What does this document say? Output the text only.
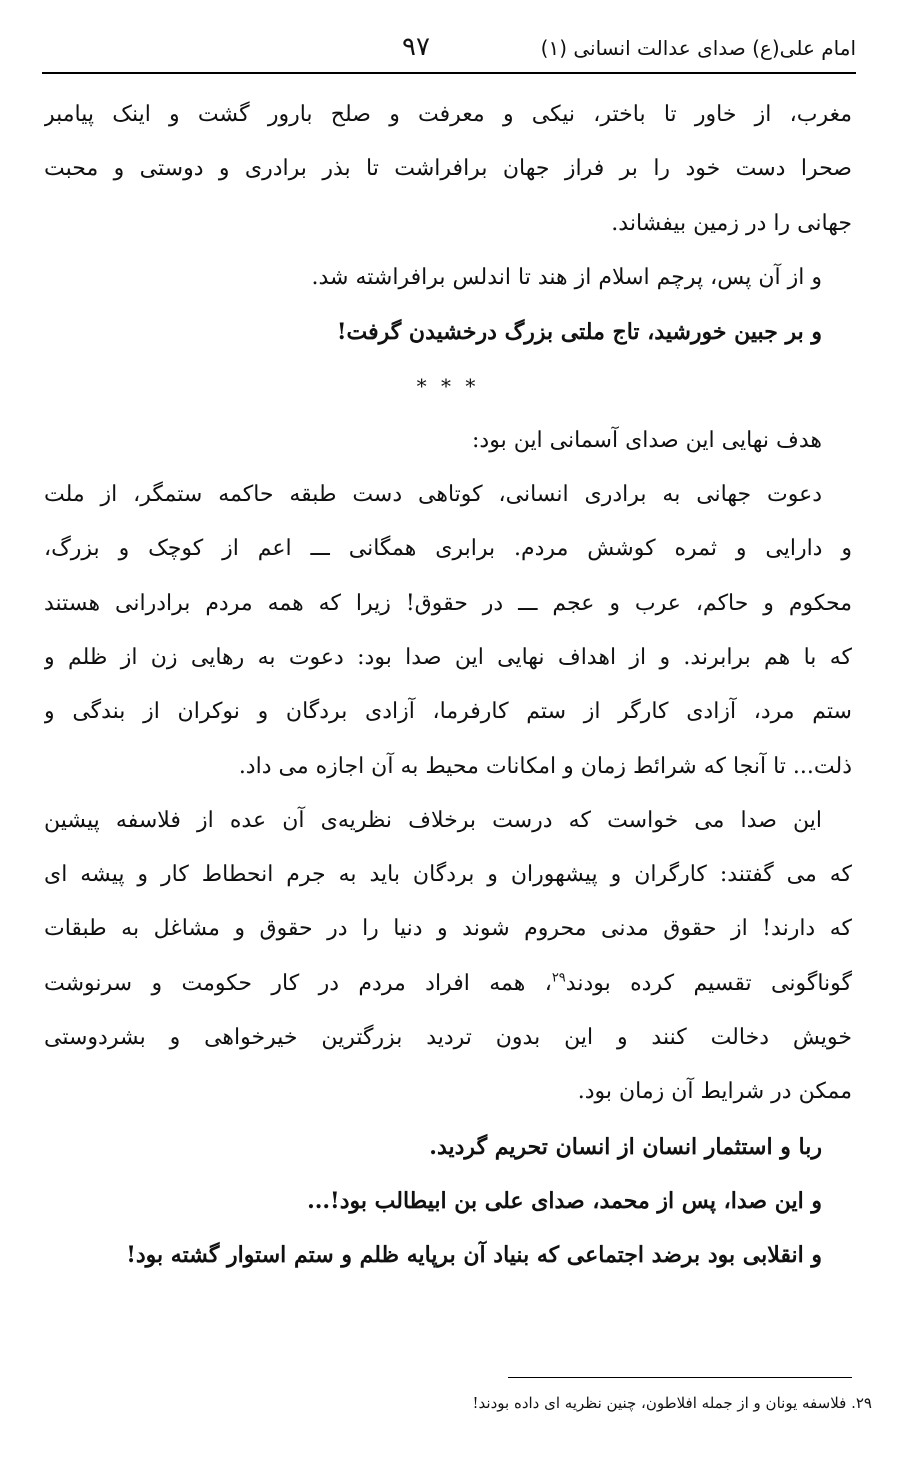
امام علی(ع) صدای عدالت انسانی (۱)
۹۷
مغرب، از خاور تا باختر، نیکی و معرفت و صلح بارور گشت و اینک پیامبر
صحرا دست خود را بر فراز جهان برافراشت تا بذر برادری و دوستی و محبت
جهانی را در زمین بیفشاند.
و از آن پس، پرچم اسلام از هند تا اندلس برافراشته شد.
و بر جبین خورشید، تاج ملتی بزرگ درخشیدن گرفت!
* * *
هدف نهایی این صدای آسمانی این بود:
دعوت جهانی به برادری انسانی، کوتاهی دست طبقه حاکمه ستمگر، از ملت
و دارایی و ثمره کوشش مردم. برابری همگانی ـــ اعم از کوچک و بزرگ،
محکوم و حاکم، عرب و عجم ـــ در حقوق! زیرا که همه مردم برادرانی هستند
که با هم برابرند. و از اهداف نهایی این صدا بود: دعوت به رهایی زن از ظلم و
ستم مرد، آزادی کارگر از ستم کارفرما، آزادی بردگان و نوکران از بندگی و
ذلت... تا آنجا که شرائط زمان و امکانات محیط به آن اجازه می داد.
این صدا می خواست که درست برخلاف نظریه‌ی آن عده از فلاسفه پیشین
که می گفتند: کارگران و پیشهوران و بردگان باید به جرم انحطاط کار و پیشه ای
که دارند! از حقوق مدنی محروم شوند و دنیا را در حقوق و مشاغل به طبقات
گوناگونی تقسیم کرده بودند$^{۲۹}$، همه افراد مردم در کار حکومت و سرنوشت
خویش دخالت کنند و این بدون تردید بزرگترین خیرخواهی و بشردوستی
ممکن در شرایط آن زمان بود.
ربا و استثمار انسان از انسان تحریم گردید.
و این صدا، پس از محمد، صدای علی بن ابیطالب بود!...
و انقلابی بود برضد اجتماعی که بنیاد آن برپایه ظلم و ستم استوار گشته بود!
۲۹. فلاسفه یونان و از جمله افلاطون، چنین نظریه ای داده بودند!
